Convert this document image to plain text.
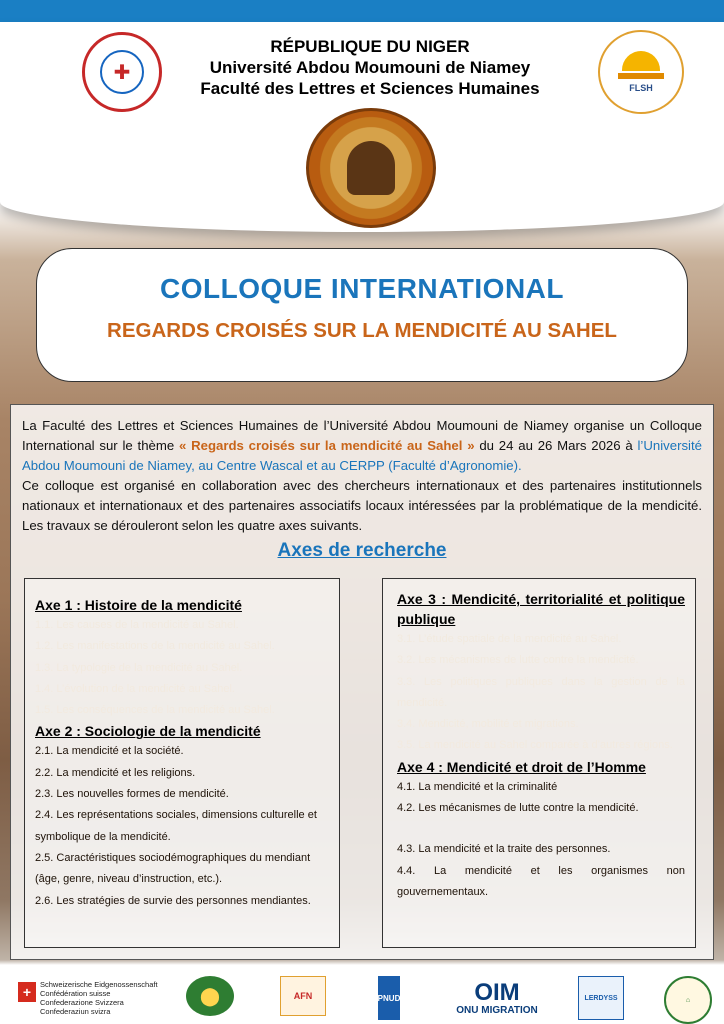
✚
RÉPUBLIQUE DU NIGER
Université Abdou Moumouni de Niamey
Faculté des Lettres et Sciences Humaines	FLSH
COLLOQUE INTERNATIONAL
REGARDS CROISÉS SUR LA MENDICITÉ AU SAHEL

La Faculté des Lettres et Sciences Humaines de l’Université Abdou Moumouni de Niamey organise un Colloque International sur le thème « Regards croisés sur la mendicité au Sahel » du 24 au 26 Mars 2026 à l’Université Abdou Moumouni de Niamey, au Centre Wascal et au CERPP (Faculté d’Agronomie).

Ce colloque est organisé en collaboration avec des chercheurs internationaux et des partenaires institutionnels nationaux et internationaux et des partenaires associatifs locaux intéressées par la problématique de la mendicité. Les travaux se dérouleront selon les quatre axes suivants.

Axes de recherche
Axe 1 : Histoire de la mendicité
1.1. Les causes de la mendicité au Sahel.
1.2. Les manifestations de la mendicité au Sahel.
1.3. La typologie de la mendicité au Sahel.
1.4. L’évolution de la mendicité au Sahel.
1.5. Les conséquences de la mendicité au Sahel.
Axe 2 : Sociologie de la mendicité
2.1. La mendicité et la société.
2.2. La mendicité et les religions.
2.3. Les nouvelles formes de mendicité.
2.4. Les représentations sociales, dimensions culturelle et symbolique de la mendicité.
2.5. Caractéristiques sociodémographiques du mendiant (âge, genre, niveau d’instruction, etc.).
2.6. Les stratégies de survie des personnes mendiantes.
Axe 3 : Mendicité, territorialité et politique publique
3.1. L’étude spatiale de la mendicité au Sahel.
3.2. Les mécanismes de lutte contre la mendicité.
3.3. Les politiques publiques dans la gestion de la mendicité.
3.4. Mendicité, mobilité et migrations.
3.5. La mendicité au Sahel comparée à d’autres régions.
Axe 4 : Mendicité et droit de l’Homme
4.1. La mendicité et la criminalité
4.2. Les mécanismes de lutte contre la mendicité.
4.3. La mendicité et la traite des personnes.
4.4. La mendicité et les organismes non gouvernementaux.
+	Schweizerische Eidgenossenschaft
Confédération suisse
Confederazione Svizzera
Confederaziun svizra
⬤	AFN	PNUD	OIM
ONU MIGRATION
LERDYSS	⌂
